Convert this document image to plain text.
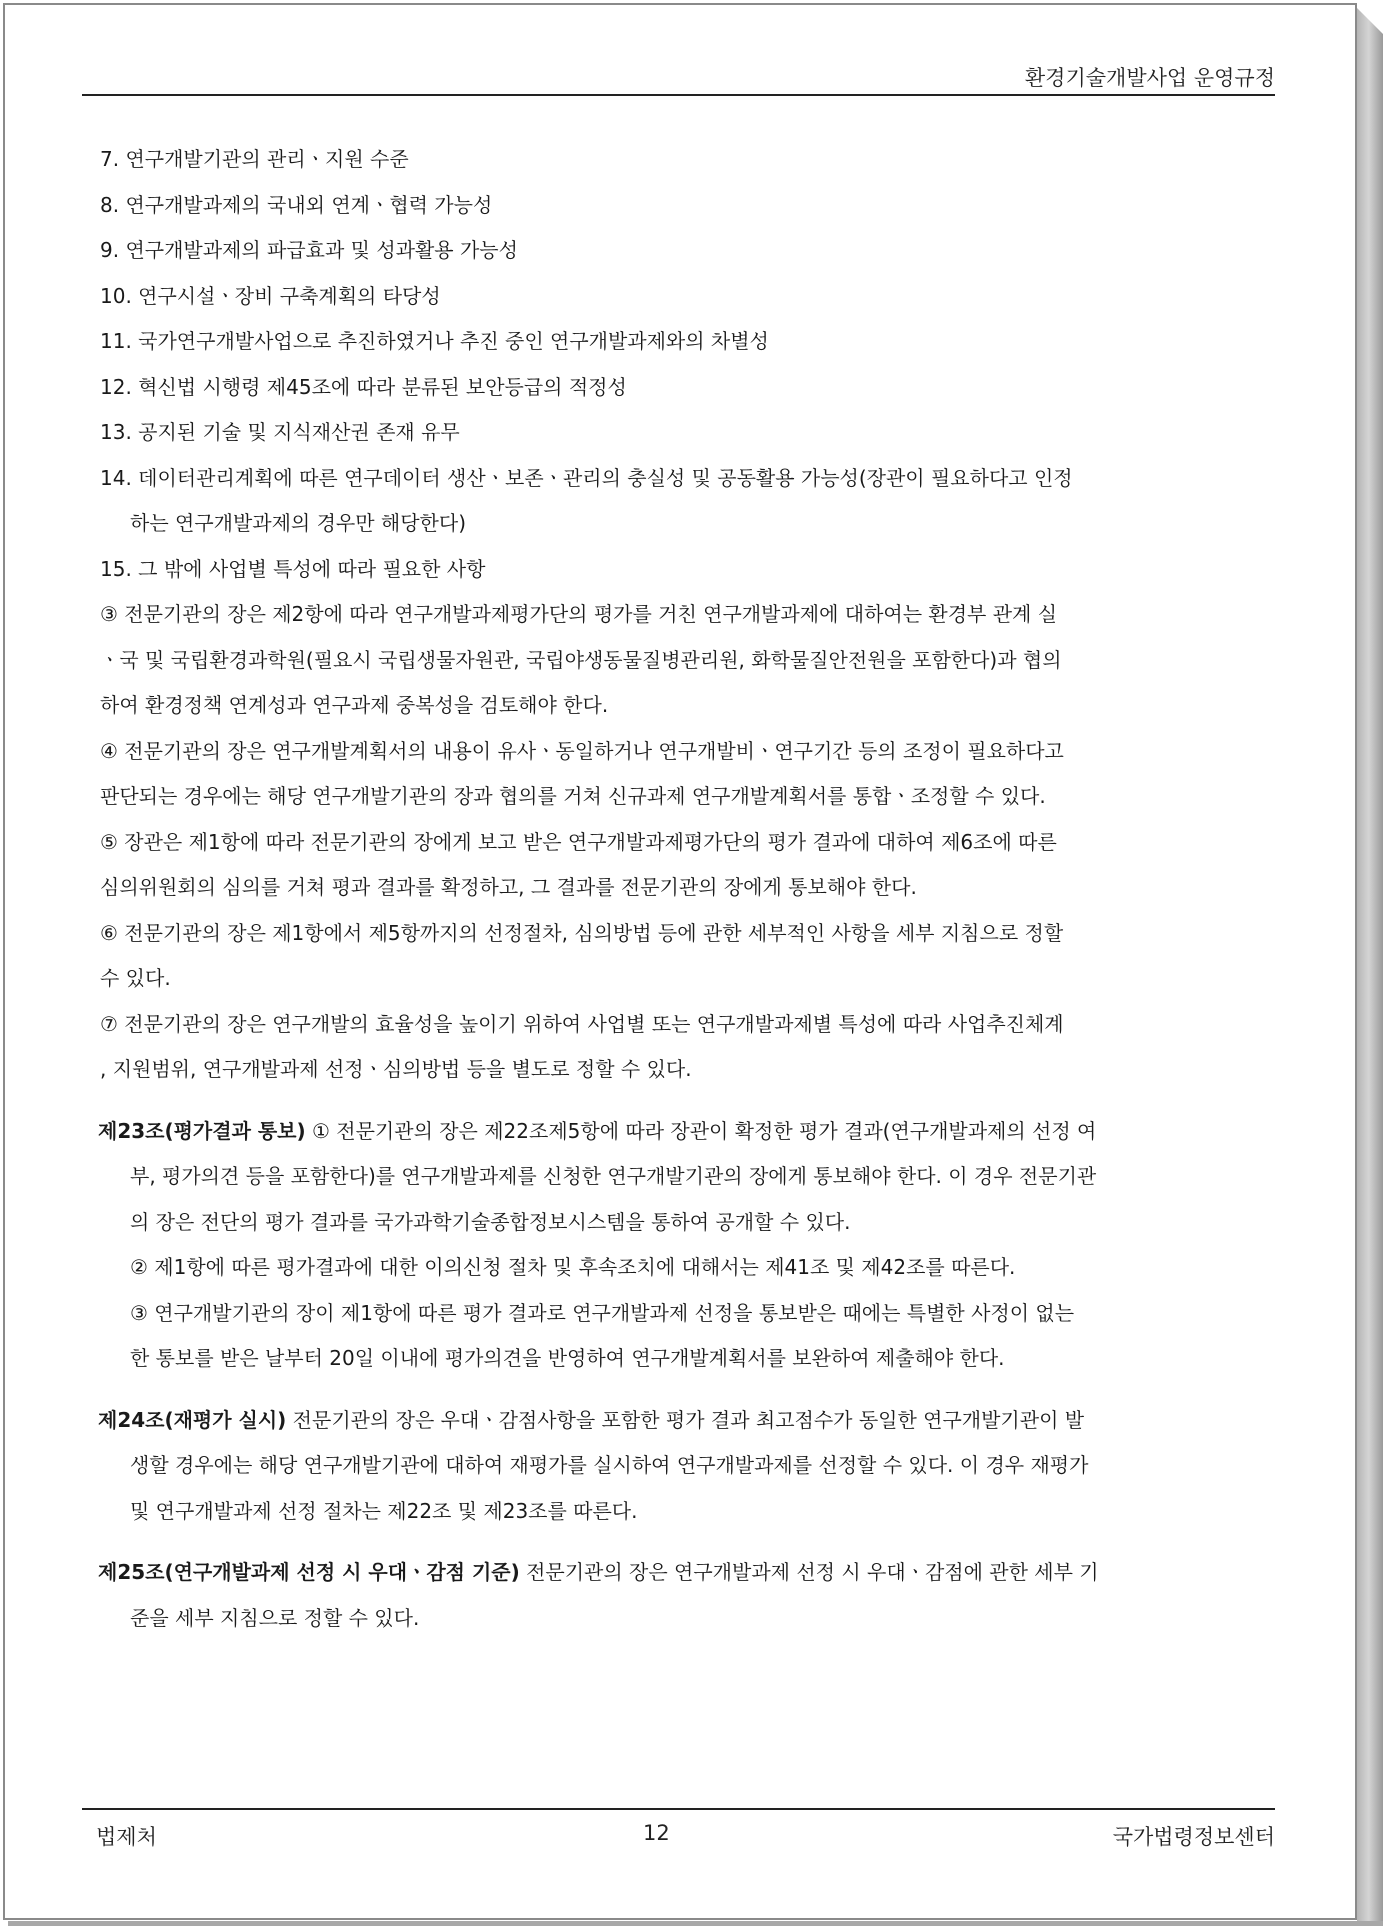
환경기술개발사업 운영규정
7. 연구개발기관의 관리ㆍ지원 수준
8. 연구개발과제의 국내외 연계ㆍ협력 가능성
9. 연구개발과제의 파급효과 및 성과활용 가능성
10. 연구시설ㆍ장비 구축계획의 타당성
11. 국가연구개발사업으로 추진하였거나 추진 중인 연구개발과제와의 차별성
12. 혁신법 시행령 제45조에 따라 분류된 보안등급의 적정성
13. 공지된 기술 및 지식재산권 존재 유무
14. 데이터관리계획에 따른 연구데이터 생산ㆍ보존ㆍ관리의 충실성 및 공동활용 가능성(장관이 필요하다고 인정
하는 연구개발과제의 경우만 해당한다)
15. 그 밖에 사업별 특성에 따라 필요한 사항
③ 전문기관의 장은 제2항에 따라 연구개발과제평가단의 평가를 거친 연구개발과제에 대하여는 환경부 관계 실
ㆍ국 및 국립환경과학원(필요시 국립생물자원관, 국립야생동물질병관리원, 화학물질안전원을 포함한다)과 협의
하여 환경정책 연계성과 연구과제 중복성을 검토해야 한다.
④ 전문기관의 장은 연구개발계획서의 내용이 유사ㆍ동일하거나 연구개발비ㆍ연구기간 등의 조정이 필요하다고
판단되는 경우에는 해당 연구개발기관의 장과 협의를 거쳐 신규과제 연구개발계획서를 통합ㆍ조정할 수 있다.
⑤ 장관은 제1항에 따라 전문기관의 장에게 보고 받은 연구개발과제평가단의 평가 결과에 대하여 제6조에 따른
심의위원회의 심의를 거쳐 평과 결과를 확정하고, 그 결과를 전문기관의 장에게 통보해야 한다.
⑥ 전문기관의 장은 제1항에서 제5항까지의 선정절차, 심의방법 등에 관한 세부적인 사항을 세부 지침으로 정할
수 있다.
⑦ 전문기관의 장은 연구개발의 효율성을 높이기 위하여 사업별 또는 연구개발과제별 특성에 따라 사업추진체계
, 지원범위, 연구개발과제 선정ㆍ심의방법 등을 별도로 정할 수 있다.
제23조(평가결과 통보) ① 전문기관의 장은 제22조제5항에 따라 장관이 확정한 평가 결과(연구개발과제의 선정 여
부, 평가의견 등을 포함한다)를 연구개발과제를 신청한 연구개발기관의 장에게 통보해야 한다. 이 경우 전문기관
의 장은 전단의 평가 결과를 국가과학기술종합정보시스템을 통하여 공개할 수 있다.
② 제1항에 따른 평가결과에 대한 이의신청 절차 및 후속조치에 대해서는 제41조 및 제42조를 따른다.
③ 연구개발기관의 장이 제1항에 따른 평가 결과로 연구개발과제 선정을 통보받은 때에는 특별한 사정이 없는
한 통보를 받은 날부터 20일 이내에 평가의견을 반영하여 연구개발계획서를 보완하여 제출해야 한다.
제24조(재평가 실시) 전문기관의 장은 우대ㆍ감점사항을 포함한 평가 결과 최고점수가 동일한 연구개발기관이 발
생할 경우에는 해당 연구개발기관에 대하여 재평가를 실시하여 연구개발과제를 선정할 수 있다. 이 경우 재평가
및 연구개발과제 선정 절차는 제22조 및 제23조를 따른다.
제25조(연구개발과제 선정 시 우대ㆍ감점 기준) 전문기관의 장은 연구개발과제 선정 시 우대ㆍ감점에 관한 세부 기
준을 세부 지침으로 정할 수 있다.
법제처	12	국가법령정보센터
